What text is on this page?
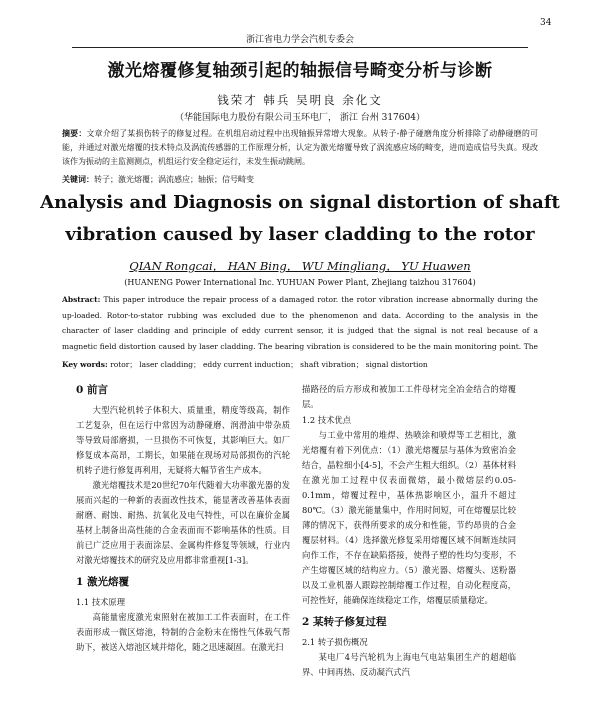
34
浙江省电力学会汽机专委会
激光熔覆修复轴颈引起的轴振信号畸变分析与诊断
钱荣才 韩兵 吴明良 余化文
（华能国际电力股份有限公司玉环电厂， 浙江 台州 317604）
摘要：文章介绍了某损伤转子的修复过程。在机组启动过程中出现轴振异常增大现象。从转子-静子碰磨角度分析排除了动静碰磨的可能，并通过对激光熔覆的技术特点及涡流传感器的工作原理分析，认定为激光熔覆导致了涡流感应场的畸变，进而造成信号失真。现改该作为振动的主监测测点，机组运行安全稳定运行，未发生振动跳闸。
关键词：转子；激光熔覆；涡流感应；轴振；信号畸变
Analysis and Diagnosis on signal distortion of shaft
vibration caused by laser cladding to the rotor
QIAN Rongcai， HAN Bing， WU Mingliang， YU Huawen
(HUANENG Power International Inc. YUHUAN Power Plant, Zhejiang taizhou 317604)
Abstract: This paper introduce the repair process of a damaged rotor. the rotor vibration increase abnormally during the up-loaded. Rotor-to-stator rubbing was excluded due to the phenomenon and data. According to the analysis in the character of laser cladding and principle of eddy current sensor, it is judged that the signal is not real because of a magnetic field distortion caused by laser cladding. The bearing vibration is considered to be the main monitoring point. The
Key words: rotor； laser cladding； eddy current induction； shaft vibration； signal distortion
0 前言

大型汽轮机转子体积大、质量重，精度等级高，制作工艺复杂，但在运行中常因为动静碰磨、润滑油中带杂质等导致局部磨损，一旦损伤不可恢复，其影响巨大。如厂修复成本高昂，工期长，如果能在现场对局部损伤的汽轮机转子进行修复再利用，无疑将大幅节省生产成本。

激光熔覆技术是20世纪70年代随着大功率激光器的发展而兴起的一种新的表面改性技术，能显著改善基体表面耐磨、耐蚀、耐热、抗氧化及电气特性，可以在廉价金属基材上制备出高性能的合金表面而不影响基体的性质。目前已广泛应用于表面涂层、金属构件修复等领域，行业内对激光熔覆技术的研究及应用都非常重视[1-3]。

1 激光熔覆
1.1 技术原理

高能量密度激光束照射在被加工工件表面时，在工件表面形成一微区熔池，特制的合金粉末在惰性气体载气帮助下，被送入熔池区域并熔化，随之迅速凝固。在激光扫

描路径的后方形成和被加工工件母材完全冶金结合的熔覆层。

1.2 技术优点

与工业中常用的堆焊、热喷涂和喷焊等工艺相比，激光熔覆有着下列优点：（1）激光熔覆层与基体为致密冶金结合，晶粒细小[4-5]，不会产生粗大组织。（2）基体材料在激光加工过程中仅表面微熔，最小微熔层约0.05-0.1mm，熔覆过程中，基体热影响区小，温升不超过80℃。（3）激光能量集中，作用时间短，可在熔覆层比较薄的情况下，获得所要求的成分和性能，节约昂贵的合金覆层材料。（4）选择激光修复采用熔覆区域不间断连续同向作工作，不存在缺陷搭接，使得子塑的性均匀变形，不产生熔覆区域的结构应力。（5）激光器、熔覆头、送粉器以及工业机器人跟踪控制熔覆工作过程，自动化程度高，可控性好，能确保连续稳定工作，熔覆层质量稳定。

2 某转子修复过程
2.1 转子损伤概况

某电厂4号汽轮机为上海电气电站集团生产的超超临界、中间再热、反动凝汽式汽
